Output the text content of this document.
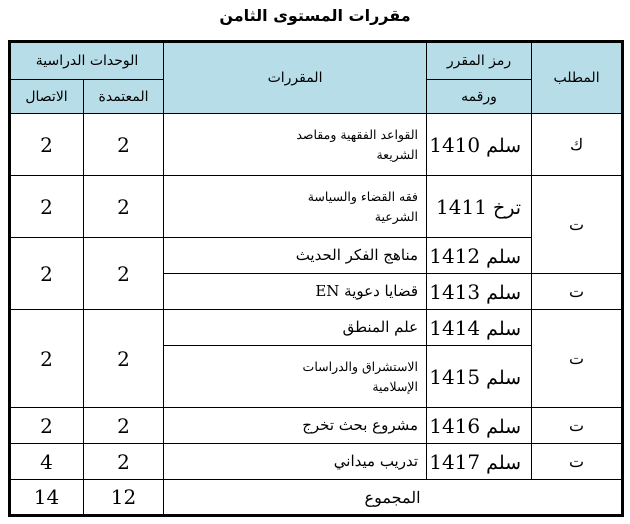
مقررات المستوى الثامن
المطلب	رمز المقرر	المقررات	الوحدات الدراسية		
	ورقمه		المعتمدة	الاتصال	
ك	سلم 1410	القواعد الفقهية ومقاصد
الشريعة	2	2	
ت	ترخ 1411	فقه القضاء والسياسة
الشرعية	2	2	
	سلم 1412	مناهج الفكر الحديث	2	2	
ت	سلم 1413	قضايا دعوية EN			
ت	سلم 1414	علم المنطق	2	2	
	سلم 1415	الاستشراق والدراسات
الإسلامية			
ت	سلم 1416	مشروع بحث تخرج	2	2	
ت	سلم 1417	تدريب ميداني	2	4	
المجموع			12	14	
